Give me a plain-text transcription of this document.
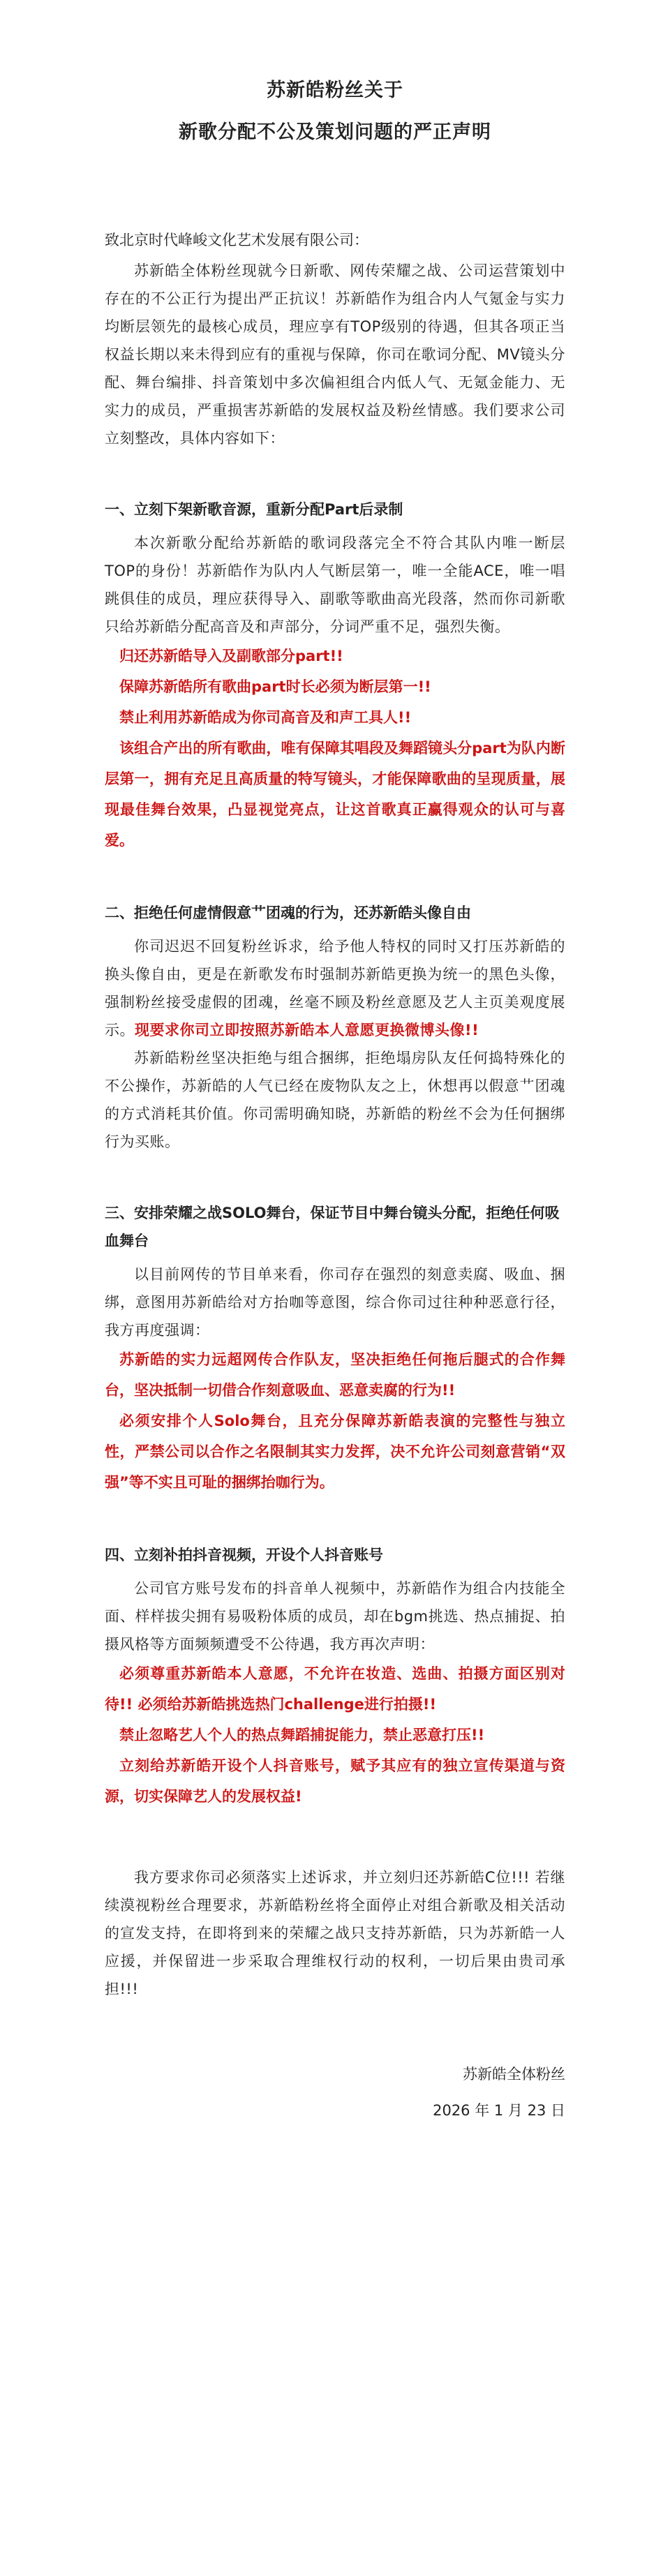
苏新皓粉丝关于
新歌分配不公及策划问题的严正声明
致北京时代峰峻文化艺术发展有限公司：

苏新皓全体粉丝现就今日新歌、网传荣耀之战、公司运营策划中存在的不公正行为提出严正抗议！苏新皓作为组合内人气氪金与实力均断层领先的最核心成员，理应享有TOP级别的待遇，但其各项正当权益长期以来未得到应有的重视与保障，你司在歌词分配、MV镜头分配、舞台编排、抖音策划中多次偏袒组合内低人气、无氪金能力、无实力的成员，严重损害苏新皓的发展权益及粉丝情感。我们要求公司立刻整改，具体内容如下：

一、立刻下架新歌音源，重新分配Part后录制

本次新歌分配给苏新皓的歌词段落完全不符合其队内唯一断层TOP的身份！苏新皓作为队内人气断层第一，唯一全能ACE，唯一唱跳俱佳的成员，理应获得导入、副歌等歌曲高光段落，然而你司新歌只给苏新皓分配高音及和声部分，分词严重不足，强烈失衡。

归还苏新皓导入及副歌部分part!!

保障苏新皓所有歌曲part时长必须为断层第一!!

禁止利用苏新皓成为你司高音及和声工具人!!

该组合产出的所有歌曲，唯有保障其唱段及舞蹈镜头分part为队内断层第一，拥有充足且高质量的特写镜头，才能保障歌曲的呈现质量，展现最佳舞台效果，凸显视觉亮点，让这首歌真正赢得观众的认可与喜爱。

二、拒绝任何虚情假意艹团魂的行为，还苏新皓头像自由

你司迟迟不回复粉丝诉求，给予他人特权的同时又打压苏新皓的换头像自由，更是在新歌发布时强制苏新皓更换为统一的黑色头像，强制粉丝接受虚假的团魂，丝毫不顾及粉丝意愿及艺人主页美观度展示。现要求你司立即按照苏新皓本人意愿更换微博头像!!

苏新皓粉丝坚决拒绝与组合捆绑，拒绝塌房队友任何捣特殊化的不公操作，苏新皓的人气已经在废物队友之上，休想再以假意艹团魂的方式消耗其价值。你司需明确知晓，苏新皓的粉丝不会为任何捆绑行为买账。

三、安排荣耀之战SOLO舞台，保证节目中舞台镜头分配，拒绝任何吸血舞台

以目前网传的节目单来看，你司存在强烈的刻意卖腐、吸血、捆绑，意图用苏新皓给对方抬咖等意图，综合你司过往种种恶意行径，我方再度强调：

苏新皓的实力远超网传合作队友，坚决拒绝任何拖后腿式的合作舞台，坚决抵制一切借合作刻意吸血、恶意卖腐的行为!!

必须安排个人Solo舞台，且充分保障苏新皓表演的完整性与独立性，严禁公司以合作之名限制其实力发挥，决不允许公司刻意营销“双强”等不实且可耻的捆绑抬咖行为。

四、立刻补拍抖音视频，开设个人抖音账号

公司官方账号发布的抖音单人视频中，苏新皓作为组合内技能全面、样样拔尖拥有易吸粉体质的成员，却在bgm挑选、热点捕捉、拍摄风格等方面频频遭受不公待遇，我方再次声明：

必须尊重苏新皓本人意愿，不允许在妆造、选曲、拍摄方面区别对待!! 必须给苏新皓挑选热门challenge进行拍摄!!

禁止忽略艺人个人的热点舞蹈捕捉能力，禁止恶意打压!!

立刻给苏新皓开设个人抖音账号，赋予其应有的独立宣传渠道与资源，切实保障艺人的发展权益!

我方要求你司必须落实上述诉求，并立刻归还苏新皓C位!!! 若继续漠视粉丝合理要求，苏新皓粉丝将全面停止对组合新歌及相关活动的宣发支持，在即将到来的荣耀之战只支持苏新皓，只为苏新皓一人应援，并保留进一步采取合理维权行动的权利，一切后果由贵司承担!!!

苏新皓全体粉丝
2026 年 1 月 23 日
